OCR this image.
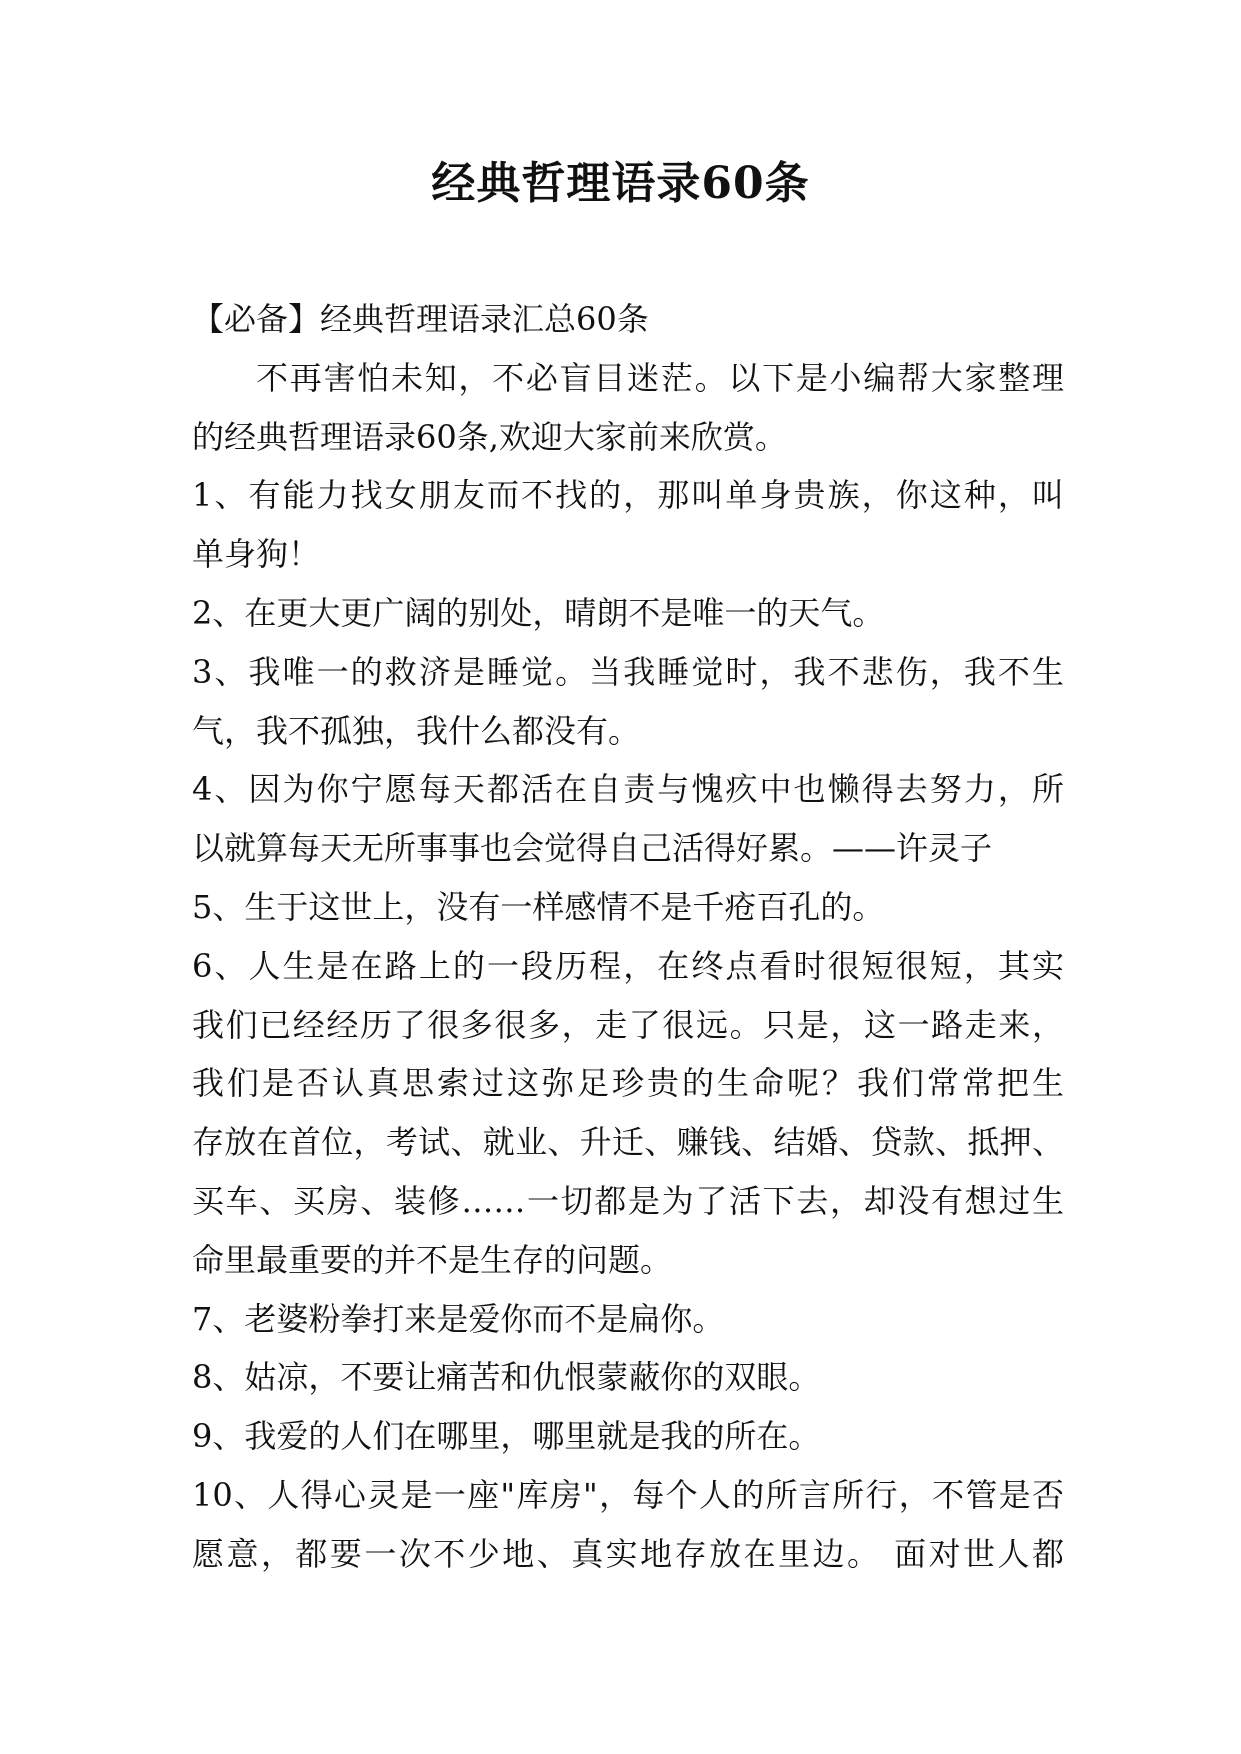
经典哲理语录60条
【必备】经典哲理语录汇总60条
不再害怕未知，不必盲目迷茫。以下是小编帮大家整理
的经典哲理语录60条,欢迎大家前来欣赏。
1、有能力找女朋友而不找的，那叫单身贵族，你这种，叫
单身狗！
2、在更大更广阔的别处，晴朗不是唯一的天气。
3、我唯一的救济是睡觉。当我睡觉时，我不悲伤，我不生
气，我不孤独，我什么都没有。
4、因为你宁愿每天都活在自责与愧疚中也懒得去努力，所
以就算每天无所事事也会觉得自己活得好累。——许灵子
5、生于这世上，没有一样感情不是千疮百孔的。
6、人生是在路上的一段历程，在终点看时很短很短，其实
我们已经经历了很多很多，走了很远。只是，这一路走来，
我们是否认真思索过这弥足珍贵的生命呢？我们常常把生
存放在首位，考试、就业、升迁、赚钱、结婚、贷款、抵押、
买车、买房、装修……一切都是为了活下去，却没有想过生
命里最重要的并不是生存的问题。
7、老婆粉拳打来是爱你而不是扁你。
8、姑凉，不要让痛苦和仇恨蒙蔽你的双眼。
9、我爱的人们在哪里，哪里就是我的所在。
10、人得心灵是一座"库房"，每个人的所言所行，不管是否
愿意，都要一次不少地、真实地存放在里边。 面对世人都
